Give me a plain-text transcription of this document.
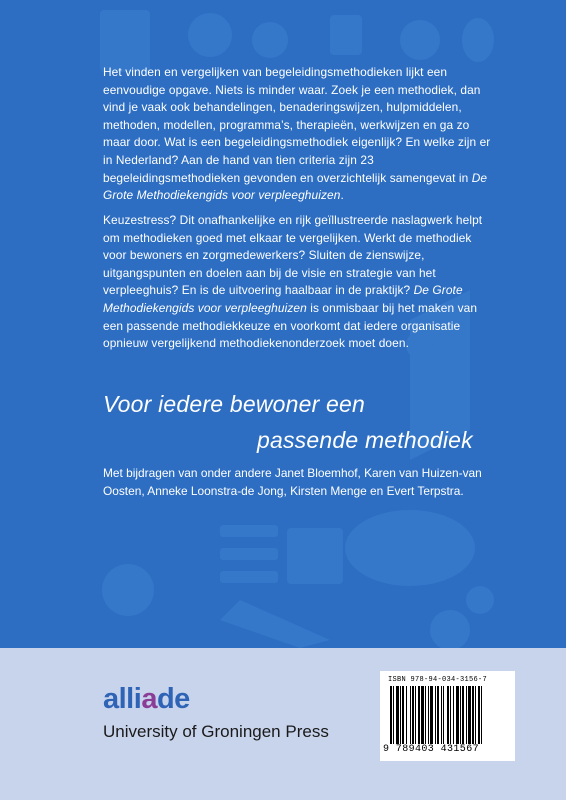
Het vinden en vergelijken van begeleidingsmethodieken lijkt een eenvoudige opgave. Niets is minder waar. Zoek je een methodiek, dan vind je vaak ook behandelingen, benaderingswijzen, hulpmiddelen, methoden, modellen, programma’s, therapieën, werkwijzen en ga zo maar door. Wat is een begeleidingsmethodiek eigenlijk? En welke zijn er in Nederland? Aan de hand van tien criteria zijn 23 begeleidingsmethodieken gevonden en overzichtelijk samengevat in De Grote Methodiekengids voor verpleeghuizen.
Keuzestress? Dit onafhankelijke en rijk geïllustreerde naslagwerk helpt om methodieken goed met elkaar te vergelijken. Werkt de methodiek voor bewoners en zorgmedewerkers? Sluiten de zienswijze, uitgangspunten en doelen aan bij de visie en strategie van het verpleeghuis? En is de uitvoering haalbaar in de praktijk? De Grote Methodiekengids voor verpleeghuizen is onmisbaar bij het maken van een passende methodiekkeuze en voorkomt dat iedere organisatie opnieuw vergelijkend methodiekenonderzoek moet doen.
Voor iedere bewoner een
passende methodiek
Met bijdragen van onder andere Janet Bloemhof, Karen van Huizen-van Oosten, Anneke Loonstra-de Jong, Kirsten Menge en Evert Terpstra.
alliade
University of Groningen Press
ISBN 978-94-034-3156-7
9 789403 431567
